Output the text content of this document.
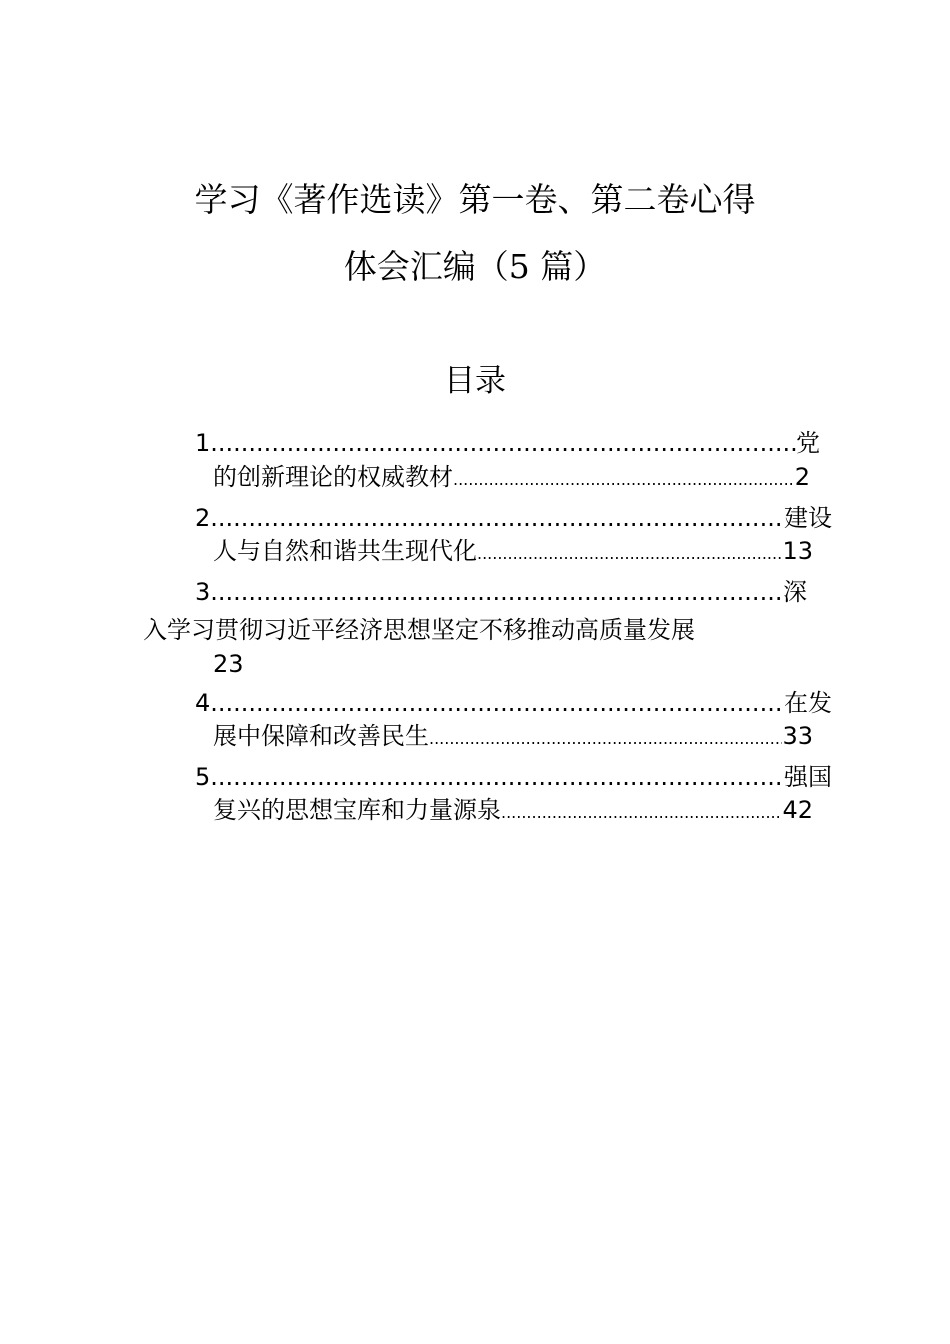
学习《著作选读》第一卷、第二卷心得
体会汇编（5 篇）
目录
1 .....	党
的创新理论的权威教材 .....	2
2 .....	建设
人与自然和谐共生现代化 .....	13
3 .....	深
入学习贯彻习近平经济思想坚定不移推动高质量发展
23
4 .....	在发
展中保障和改善民生 .....	33
5 .....	强国
复兴的思想宝库和力量源泉 .....	42
